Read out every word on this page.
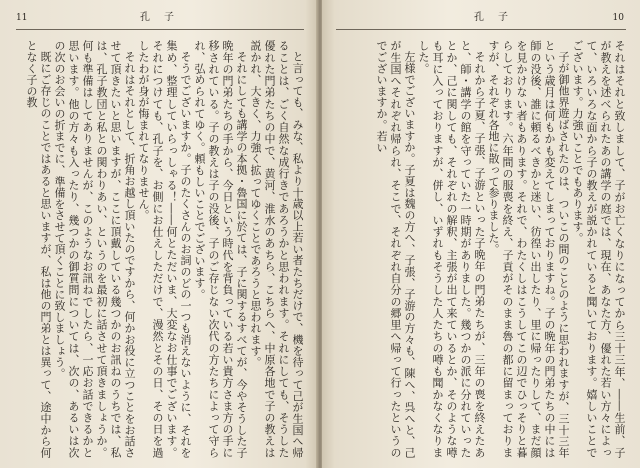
11	孔子

と言っても、みな、私より十歳以上若い者たちだけで、機を待って己が生国へ帰ることは、ごく自然な成行きであろうかと思われます。それにしても、そうした優れた門弟たちの中で、黄河、淮水のあちら、こちらへ、中原各地で子の教えは説かれ、大きく、力強く拡ってゆくことであろうと思われます。

それにしても講学の本拠・魯国に於ては、子に関するすべてが、今やそうした子晩年の門弟たちの手から、今日という時代を背負っている若い貴方さま方の手に移されている。子の教えは子の没後、子のご存じない次代の方たちによって守られ、弘められてゆく。頼もしいことでございます。

そうでございますか。子のたくさんのお詞のどの一つも消えないように、それを集め、整理していらっしゃる！――何とただいま、大変なお仕事でございます。それにつけても、孔子を、お側にお仕えしただけで、漫然とその日、その日を過したわが身が悔まれてなりません。

それはそれとして、折角お越し頂いたのですから、何かお役に立つことをお話させて頂きたいと思いますが、ここに頂戴している幾つかのお訊ねのうちでは、私は、孔子教団と私との関わりあい、というのを最初に話させて頂きましょうか。何も準備はしてありませんが、このようなお訊ねでしたら、一応お話できるかと思います。他の方々も入ったり、幾つかの御質問については、次の、あるいは次の次のお会いの折までに、準備をさせて頂くことに致しましょう。

既にご存じのことではあると思いますが、私は他の門弟とは異って、途中から何となく子の教

孔子	10

それはそれと致しまして、子がお亡くなりになってから三十三年、――生前、子が教えを述べられたあの講学の庭では、現在、あなた方、優れた若い方々によって、いろいろな面から子の教えが説かれていると聞いております。嬉しいことでございます。力強いことでもあります。

子が御他界遊ばされたのは、ついこの間のことのように思われますが、三十三年という歳月は何もかも変えてしまっておりますね。子の晩年の門弟たちの中には師の没後、誰に頼るべきかと迷い、彷徨い出したり、里に帰ったりして、まだ顔を見かけない者もあります。それで、わたくしはこうしてこの辺でひっそりと暮らしております。六年間の服喪を終え、子貢がそのまま魯の都に留まっておりますが、それぞれ各地に散って参りました。

それから子夏、子張、子游といった子晩年の門弟たちが、三年の喪を終えたあと、師・講学の館を守っていた一時期がありました。幾つかの派に分れていったとか、己に関しても、それぞれの解釈、主張が出て来ているとか、そのような噂も耳に入っておりますが、併し、いずれもそうした人たちの噂も聞かなくなりました。

左様でございますか。子夏は魏の方へ、子張、子游の方々も、陳へ、呉へと、己が生国へそれぞれ帰られ、そこで、それぞれ自分の郷里へ帰って行ったというのでございますか。若い
